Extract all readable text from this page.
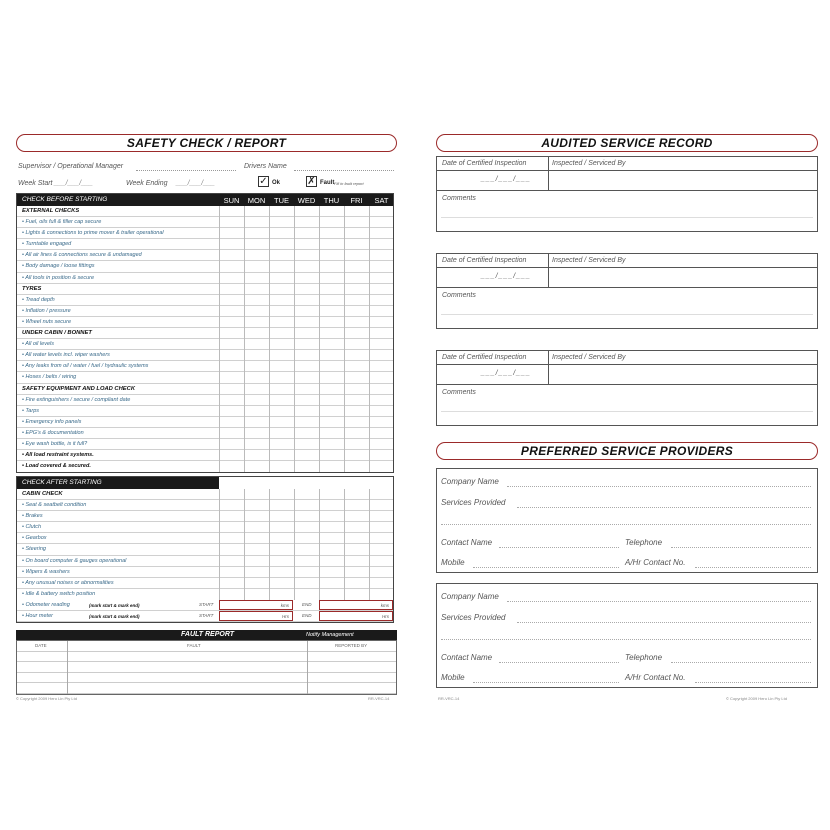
SAFETY CHECK / REPORT
Supervisor / Operational Manager	Drivers Name
Week Start ___/___/___	Week Ending ___/___/___	✓ Ok	✗ Fault Fill in fault report
CHECK BEFORE STARTING	SUN	MON	TUE	WED	THU	FRI	SAT
EXTERNAL CHECKS
• Fuel, oils full & filler cap secure
• Lights & connections to prime mover & trailer operational
• Turntable engaged
• All air lines & connections secure & undamaged
• Body damage / loose fittings
• All tools in position & secure
TYRES
• Tread depth
• Inflation / pressure
• Wheel nuts secure
UNDER CABIN / BONNET
• All oil levels
• All water levels incl. wiper washers
• Any leaks from oil / water / fuel / hydraulic systems
• Hoses / belts / wiring
SAFETY EQUIPMENT AND LOAD CHECK
• Fire extinguishers / secure / compliant date
• Tarps
• Emergency info panels
• EPG's & documentation
• Eye wash bottle, is it full?
• All load restraint systems.
• Load covered & secured.
CHECK AFTER STARTING
CABIN CHECK
• Seat & seatbelt condition
• Brakes
• Clutch
• Gearbox
• Steering
• On board computer & gauges operational
• Wipers & washers
• Any unusual noises or abnormalities
• Idle & battery switch position
• Odometer reading	(mark start & mark end)	START	kms	END	kms
• Hour meter	(mark start & mark end)	START	Hrs	END	Hrs
FAULT REPORT	Notify Management
DATE	FAULT	REPORTED BY
© Copyright 2009 Hero Lin Pty Ltd	RR-VRC-14
AUDITED SERVICE RECORD
Date of Certified Inspection	Inspected / Serviced By
___/___/___
Comments
Date of Certified Inspection	Inspected / Serviced By
___/___/___
Comments
Date of Certified Inspection	Inspected / Serviced By
___/___/___
Comments
PREFERRED SERVICE PROVIDERS
Company Name
Services Provided
Contact Name	Telephone
Mobile	A/Hr Contact No.
Company Name
Services Provided
Contact Name	Telephone
Mobile	A/Hr Contact No.
RR-VRC-14	© Copyright 2009 Hero Lin Pty Ltd
